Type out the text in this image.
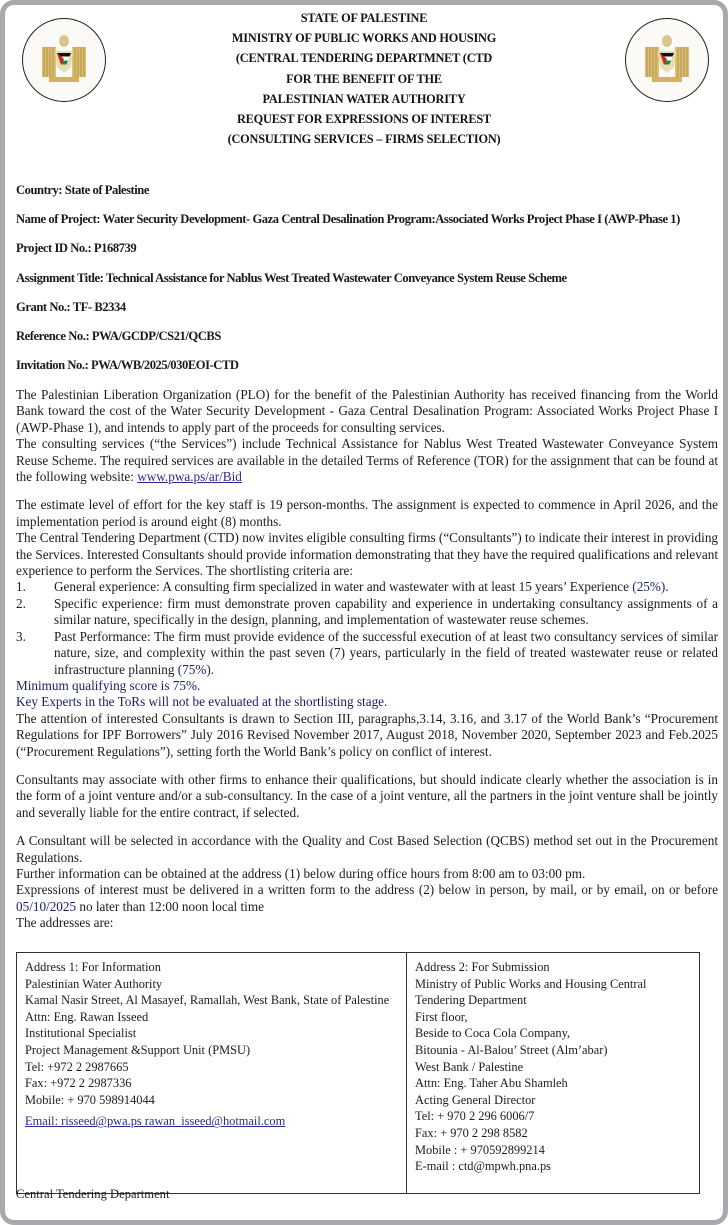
STATE OF PALESTINE
MINISTRY OF PUBLIC WORKS AND HOUSING
(CENTRAL TENDERING DEPARTMNET (CTD
FOR THE BENEFIT OF THE
PALESTINIAN WATER AUTHORITY
REQUEST FOR EXPRESSIONS OF INTEREST
(CONSULTING SERVICES – FIRMS SELECTION)
Country: State of Palestine
Name of Project: Water Security Development- Gaza Central Desalination Program:Associated Works Project Phase I (AWP-Phase 1)
Project ID No.: P168739
Assignment Title: Technical Assistance for Nablus West Treated Wastewater Conveyance System Reuse Scheme
Grant No.: TF- B2334
Reference No.: PWA/GCDP/CS21/QCBS
Invitation No.: PWA/WB/2025/030EOI-CTD

The Palestinian Liberation Organization (PLO) for the benefit of the Palestinian Authority has received financing from the World Bank toward the cost of the Water Security Development - Gaza Central Desalination Program: Associated Works Project Phase I (AWP-Phase 1), and intends to apply part of the proceeds for consulting services.

The consulting services (“the Services”) include Technical Assistance for Nablus West Treated Wastewater Conveyance System Reuse Scheme. The required services are available in the detailed Terms of Reference (TOR) for the assignment that can be found at the following website: www.pwa.ps/ar/Bid

The estimate level of effort for the key staff is 19 person-months. The assignment is expected to commence in April 2026, and the implementation period is around eight (8) months.

The Central Tendering Department (CTD) now invites eligible consulting firms (“Consultants”) to indicate their interest in providing the Services. Interested Consultants should provide information demonstrating that they have the required qualifications and relevant experience to perform the Services. The shortlisting criteria are:

1.	General experience: A consulting firm specialized in water and wastewater with at least 15 years’ Experience (25%).
2.	Specific experience: firm must demonstrate proven capability and experience in undertaking consultancy assignments of a similar nature, specifically in the design, planning, and implementation of wastewater reuse schemes.
3.	Past Performance: The firm must provide evidence of the successful execution of at least two consultancy services of similar nature, size, and complexity within the past seven (7) years, particularly in the field of treated wastewater reuse or related infrastructure planning (75%).

Minimum qualifying score is 75%.

Key Experts in the ToRs will not be evaluated at the shortlisting stage.

The attention of interested Consultants is drawn to Section III, paragraphs,3.14, 3.16, and 3.17 of the World Bank’s “Procurement Regulations for IPF Borrowers” July 2016 Revised November 2017, August 2018, November 2020, September 2023 and Feb.2025 (“Procurement Regulations”), setting forth the World Bank’s policy on conflict of interest.

Consultants may associate with other firms to enhance their qualifications, but should indicate clearly whether the association is in the form of a joint venture and/or a sub-consultancy. In the case of a joint venture, all the partners in the joint venture shall be jointly and severally liable for the entire contract, if selected.

A Consultant will be selected in accordance with the Quality and Cost Based Selection (QCBS) method set out in the Procurement Regulations.

Further information can be obtained at the address (1) below during office hours from 8:00 am to 03:00 pm.

Expressions of interest must be delivered in a written form to the address (2) below in person, by mail, or by email, on or before 05/10/2025 no later than 12:00 noon local time

The addresses are:

Address 1: For Information
Palestinian Water Authority
Kamal Nasir Street, Al Masayef, Ramallah, West Bank, State of Palestine
Attn: Eng. Rawan Isseed
Institutional Specialist
Project Management &Support Unit (PMSU)
Tel: +972 2 2987665
Fax: +972 2 2987336
Mobile: + 970 598914044
Email: risseed@pwa.ps rawan_isseed@hotmail.com

Address 2: For Submission
Ministry of Public Works and Housing Central Tendering Department
First floor,
Beside to Coca Cola Company,
Bitounia - Al-Balou’ Street (Alm’abar)
West Bank / Palestine
Attn: Eng. Taher Abu Shamleh
Acting General Director
Tel: + 970 2 296 6006/7
Fax: + 970 2 298 8582
Mobile : + 970592899214
E-mail : ctd@mpwh.pna.ps
Central Tendering Department
